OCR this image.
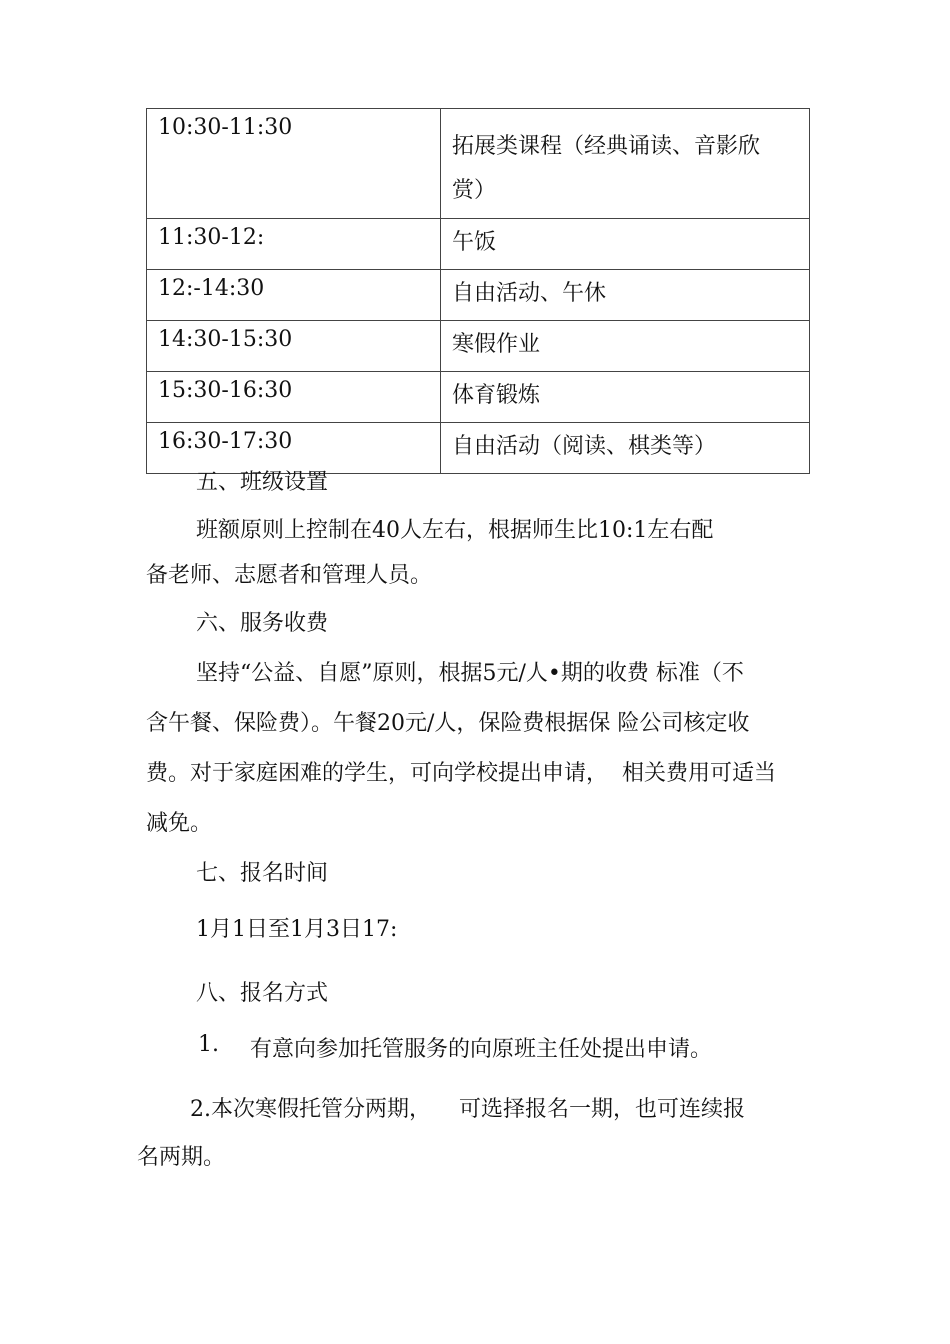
10:30-11:30	拓展类课程（经典诵读、音影欣赏）
11:30-12:	午饭
12:-14:30	自由活动、午休
14:30-15:30	寒假作业
15:30-16:30	体育锻炼
16:30-17:30	自由活动（阅读、棋类等）
五、班级设置
班额原则上控制在40人左右，根据师生比10:1左右配
备老师、志愿者和管理人员。
六、服务收费
坚持“公益、自愿”原则，根据5元/人•期的收费 标准（不
含午餐、保险费）。午餐20元/人，保险费根据保 险公司核定收
费。对于家庭困难的学生，可向学校提出申请，  相关费用可适当
减免。
七、报名时间
1月1日至1月3日17:
八、报名方式
1. 有意向参加托管服务的向原班主任处提出申请。
2.本次寒假托管分两期，    可选择报名一期，也可连续报
名两期。
